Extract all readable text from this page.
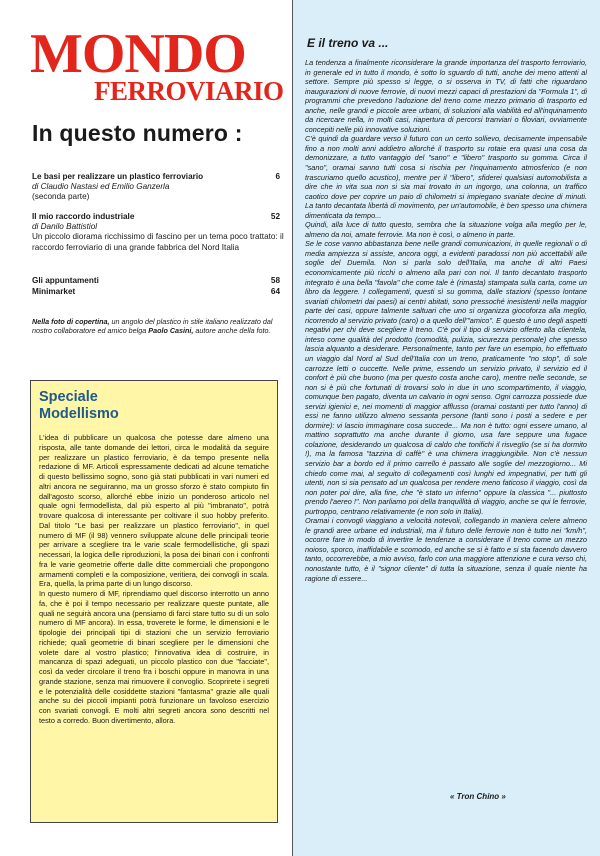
MONDO
FERROVIARIO
In questo numero :
Le basi per realizzare un plastico ferroviario	6
di Claudio Nastasi ed Emilio Ganzerla
(seconda parte)
Il mio raccordo industriale	52
di Danilo Battistiol
Un piccolo diorama ricchissimo di fascino per un tema poco trattato: il raccordo ferroviario di una grande fabbrica del Nord Italia
Gli appuntamenti	58
Minimarket	64
Nella foto di copertina, un angolo del plastico in stile italiano realizzato dal nostro collaboratore ed amico belga Paolo Casini, autore anche della foto.
Speciale
Modellismo

L'idea di pubblicare un qualcosa che potesse dare almeno una risposta, alle tante domande dei lettori, circa le modalità da seguire per realizzare un plastico ferroviario, è da tempo presente nella redazione di MF. Articoli espressamente dedicati ad alcune tematiche di questo bellissimo sogno, sono già stati pubblicati in vari numeri ed altri ancora ne seguiranno, ma un grosso sforzo è stato compiuto fin dall'agosto scorso, allorché ebbe inizio un ponderoso articolo nel quale ogni fermodellista, dal più esperto al più "imbranato", potrà trovare qualcosa di interessante per coltivare il suo hobby preferito. Dal titolo "Le basi per realizzare un plastico ferroviario", in quel numero di MF (il 98) vennero sviluppate alcune delle principali teorie per arrivare a scegliere tra le varie scale fermodellistiche, gli spazi necessari, la logica delle riproduzioni, la posa dei binari con i confronti fra le varie geometrie offerte dalle ditte commerciali che propongono armamenti completi e la composizione, veritiera, dei convogli in scala. Era, quella, la prima parte di un lungo discorso.

In questo numero di MF, riprendiamo quel discorso interrotto un anno fa, che è poi il tempo necessario per realizzare queste puntate, alle quali ne seguirà ancora una (pensiamo di farci stare tutto su di un solo numero di MF ancora). In essa, troverete le forme, le dimensioni e le tipologie dei principali tipi di stazioni che un servizio ferroviario richiede; quali geometrie di binari scegliere per le dimensioni che volete dare al vostro plastico; l'innovativa idea di costruire, in mancanza di spazi adeguati, un piccolo plastico con due "facciate", così da veder circolare il treno fra i boschi oppure in manovra in una grande stazione, senza mai rimuovere il convoglio. Scoprirete i segreti e le potenzialità delle cosiddette stazioni "fantasma" grazie alle quali anche su dei piccoli impianti potrà funzionare un favoloso esercizio con svariati convogli. E molti altri segreti ancora sono descritti nel testo a corredo. Buon divertimento, allora.

E il treno va ...

La tendenza a finalmente riconsiderare la grande importanza del trasporto ferroviario, in generale ed in tutto il mondo, è sotto lo sguardo di tutti, anche dei meno attenti al settore. Sempre più spesso si legge, o si osserva in TV, di fatti che riguardano inaugurazioni di nuove ferrovie, di nuovi mezzi capaci di prestazioni da "Formula 1", di programmi che prevedono l'adozione del treno come mezzo primario di trasporto ed anche, nelle grandi e piccole aree urbani, di soluzioni alla viabilità ed all'inquinamento da ricercare nella, in molti casi, riapertura di percorsi tranviari o filoviari, ovviamente concepiti nelle più innovative soluzioni.

C'è quindi da guardare verso il futuro con un certo sollievo, decisamente impensabile fino a non molti anni addietro allorché il trasporto su rotaie era quasi una cosa da demonizzare, a tutto vantaggio del "sano" e "libero" trasporto su gomma. Circa il "sano", oramai sanno tutti cosa si rischia per l'inquinamento atmosferico (e non trascuriamo quello acustico), mentre per il "libero", sfiderei qualsiasi automobilista a dire che in vita sua non si sia mai trovato in un ingorgo, una colonna, un traffico caotico dove per coprire un paio di chilometri si impiegano svariate decine di minuti. La tanto decantata libertà di movimento, per un'automobile, è ben spesso una chimera dimenticata da tempo...

Quindi, alla luce di tutto questo, sembra che la situazione volga alla meglio per le, almeno da noi, amate ferrovie. Ma non è così, o almeno in parte.

Se le cose vanno abbastanza bene nelle grandi comunicazioni, in quelle regionali o di media ampiezza si assiste, ancora oggi, a evidenti paradossi non più accettabili alle soglie del Duemila. Non si parla solo dell'Italia, ma anche di altri Paesi economicamente più ricchi o almeno alla pari con noi. Il tanto decantato trasporto integrato è una bella "favola" che come tale è (rimasta) stampata sulla carta, come un libro da leggere. I collegamenti, questi sì su gomma, dalle stazioni (spesso lontane svariati chilometri dai paesi) ai centri abitati, sono pressoché inesistenti nella maggior parte dei casi, oppure talmente saltuari che uno si organizza giocoforza alla meglio, ricorrendo al servizio privato (caro) o a quello dell'"amico". E questo è uno degli aspetti negativi per chi deve scegliere il treno. C'è poi il tipo di servizio offerto alla clientela, inteso come qualità del prodotto (comodità, pulizia, sicurezza personale) che spesso lascia alquanto a desiderare. Personalmente, tanto per fare un esempio, ho effettuato un viaggio dal Nord al Sud dell'Italia con un treno, praticamente "no stop", di sole carrozze letti o cuccette. Nelle prime, essendo un servizio privato, il servizio ed il confort è più che buono (ma per questo costa anche caro), mentre nelle seconde, se non si è più che fortunati di trovarsi solo in due in uno scompartimento, il viaggio, comunque ben pagato, diventa un calvario in ogni senso. Ogni carrozza possiede due servizi igienici e, nei momenti di maggior afflusso (oramai costanti per tutto l'anno) di essi ne fanno utilizzo almeno sessanta persone (tanti sono i posti a sedere e per dormire): vi lascio immaginare cosa succede... Ma non è tutto: ogni essere umano, al mattino soprattutto ma anche durante il giorno, usa fare seppure una fugace colazione, desiderando un qualcosa di caldo che tonifichi il risveglio (se si ha dormito !), ma la famosa "tazzina di caffè" è una chimera irraggiungibile. Non c'è nessun servizio bar a bordo ed il primo carrello è passato alle soglie del mezzogiorno... Mi chiedo come mai, al seguito di collegamenti così lunghi ed impegnativi, per tutti gli utenti, non si sia pensato ad un qualcosa per rendere meno faticoso il viaggio, così da non poter poi dire, alla fine, che "è stato un inferno" oppure la classica "... piuttosto prendo l'aereo !". Non parliamo poi della tranquillità di viaggio, anche se qui le ferrovie, purtroppo, centrano relativamente (e non solo in Italia).

Oramai i convogli viaggiano a velocità notevoli, collegando in maniera celere almeno le grandi aree urbane ed industriali, ma il futuro delle ferrovie non è tutto nei "km/h", occorre fare in modo di invertire le tendenze a considerare il treno come un mezzo noioso, sporco, inaffidabile e scomodo, ed anche se si è fatto e si sta facendo davvero tanto, occorrerebbe, a mio avviso, farlo con una maggiore attenzione e cura verso chi, nonostante tutto, è il "signor cliente" di tutta la situazione, senza il quale niente ha ragione di essere...

« Tron Chino »
